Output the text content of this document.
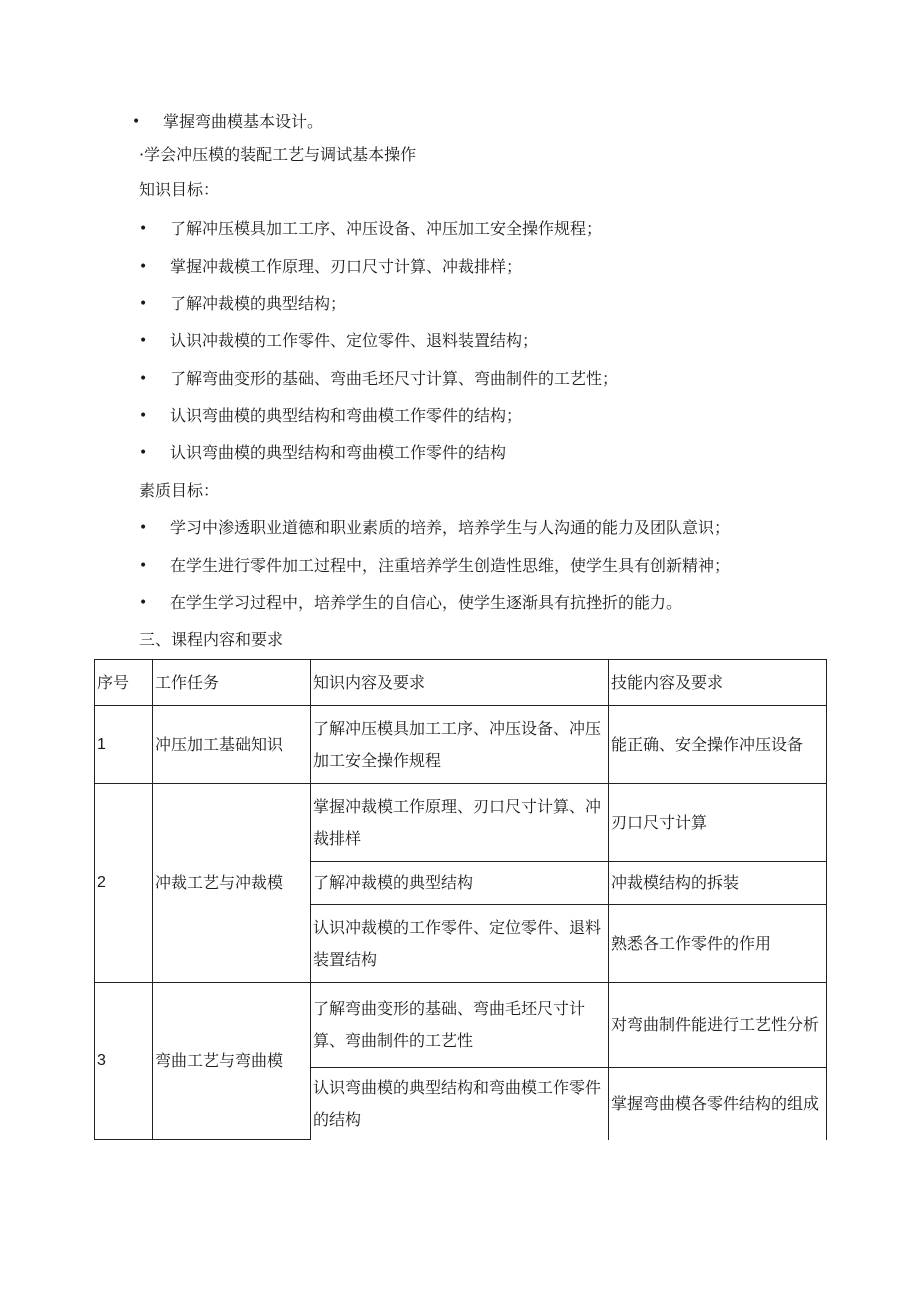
• 掌握弯曲模基本设计。
·学会冲压模的装配工艺与调试基本操作
知识目标：
• 了解冲压模具加工工序、冲压设备、冲压加工安全操作规程；
• 掌握冲裁模工作原理、刃口尺寸计算、冲裁排样；
• 了解冲裁模的典型结构；
• 认识冲裁模的工作零件、定位零件、退料装置结构；
• 了解弯曲变形的基础、弯曲毛坯尺寸计算、弯曲制件的工艺性；
• 认识弯曲模的典型结构和弯曲模工作零件的结构；
• 认识弯曲模的典型结构和弯曲模工作零件的结构
素质目标：
• 学习中渗透职业道德和职业素质的培养，培养学生与人沟通的能力及团队意识；
• 在学生进行零件加工过程中，注重培养学生创造性思维，使学生具有创新精神；
• 在学生学习过程中，培养学生的自信心，使学生逐渐具有抗挫折的能力。
三、课程内容和要求
序号	工作任务	知识内容及要求	技能内容及要求
1	冲压加工基础知识	了解冲压模具加工工序、冲压设备、冲压加工安全操作规程	能正确、安全操作冲压设备
2	冲裁工艺与冲裁模	掌握冲裁模工作原理、刃口尺寸计算、冲裁排样	刃口尺寸计算
		了解冲裁模的典型结构	冲裁模结构的拆装
		认识冲裁模的工作零件、定位零件、退料装置结构	熟悉各工作零件的作用
3	弯曲工艺与弯曲模	了解弯曲变形的基础、弯曲毛坯尺寸计算、弯曲制件的工艺性	对弯曲制件能进行工艺性分析
		认识弯曲模的典型结构和弯曲模工作零件的结构	掌握弯曲模各零件结构的组成
